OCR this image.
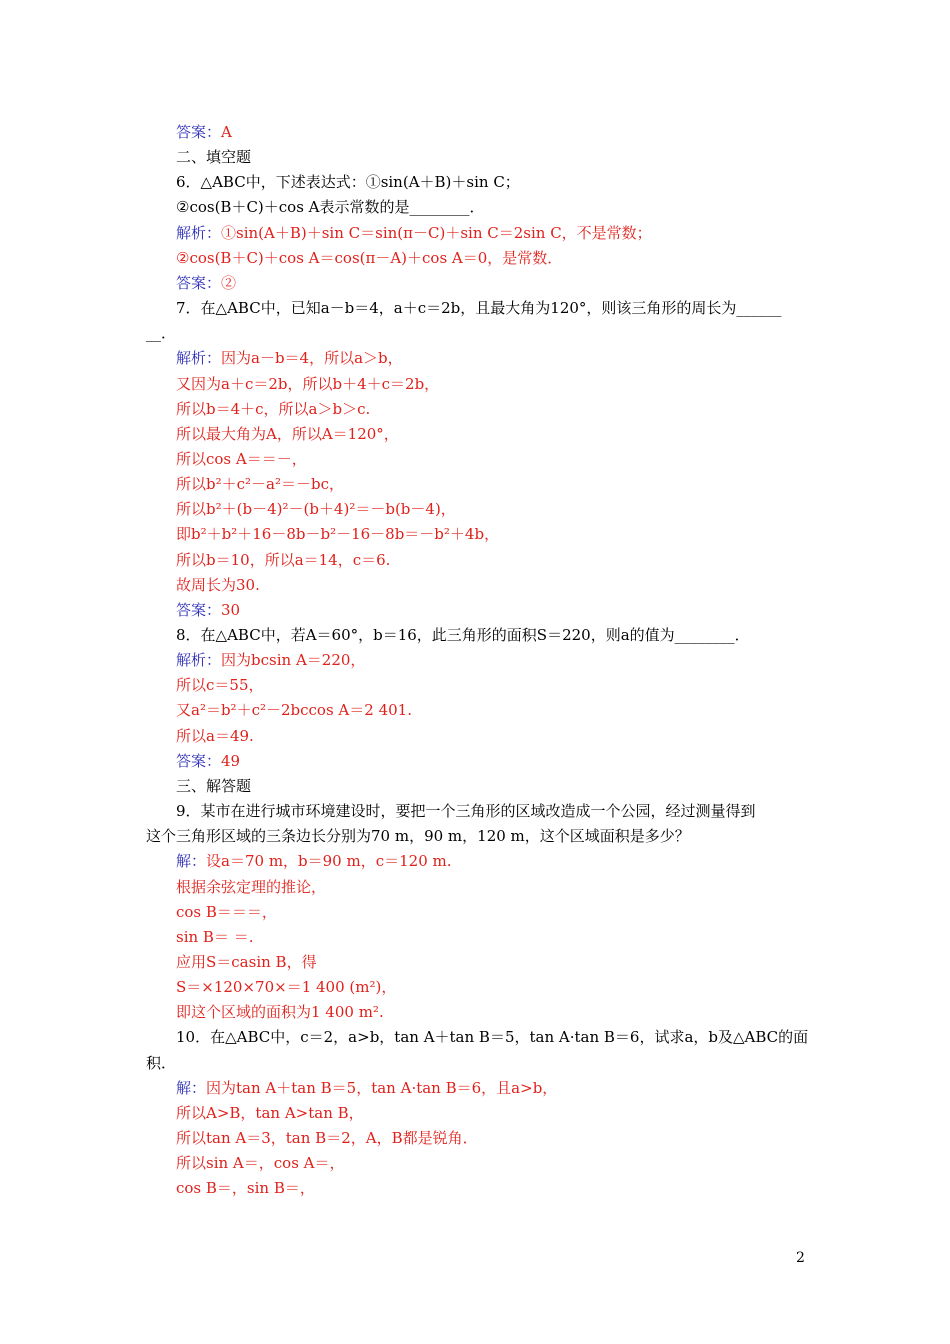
答案：A
二、填空题
6．△ABC中，下述表达式：①sin(A＋B)＋sin C；
②cos(B＋C)＋cos A表示常数的是________．
解析：①sin(A＋B)＋sin C＝sin(π－C)＋sin C＝2sin C，不是常数；
②cos(B＋C)＋cos A＝cos(π－A)＋cos A＝0，是常数．
答案：②
7．在△ABC中，已知a－b＝4，a＋c＝2b，且最大角为120°，则该三角形的周长为______
__．
解析：因为a－b＝4，所以a＞b，
又因为a＋c＝2b，所以b＋4＋c＝2b，
所以b＝4＋c，所以a＞b＞c.
所以最大角为A，所以A＝120°，
所以cos A＝＝－，
所以b²＋c²－a²＝－bc，
所以b²＋(b－4)²－(b＋4)²＝－b(b－4)，
即b²＋b²＋16－8b－b²－16－8b＝－b²＋4b，
所以b＝10，所以a＝14，c＝6.
故周长为30.
答案：30
8．在△ABC中，若A＝60°，b＝16，此三角形的面积S＝220，则a的值为________．
解析：因为bcsin A＝220，
所以c＝55，
又a²＝b²＋c²－2bccos A＝2 401.
所以a＝49.
答案：49
三、解答题
9．某市在进行城市环境建设时，要把一个三角形的区域改造成一个公园，经过测量得到
这个三角形区域的三条边长分别为70 m，90 m，120 m，这个区域面积是多少？
解：设a＝70 m，b＝90 m，c＝120 m.
根据余弦定理的推论，
cos B＝＝＝，
sin B＝ ＝.
应用S＝casin B，得
S＝×120×70×＝1 400 (m²)，
即这个区域的面积为1 400 m².
10．在△ABC中，c＝2，a>b，tan A＋tan B＝5，tan A·tan B＝6，试求a，b及△ABC的面
积．
解：因为tan A＋tan B＝5，tan A·tan B＝6，且a>b，
所以A>B，tan A>tan B，
所以tan A＝3，tan B＝2，A，B都是锐角．
所以sin A＝，cos A＝，
cos B＝，sin B＝，
2
